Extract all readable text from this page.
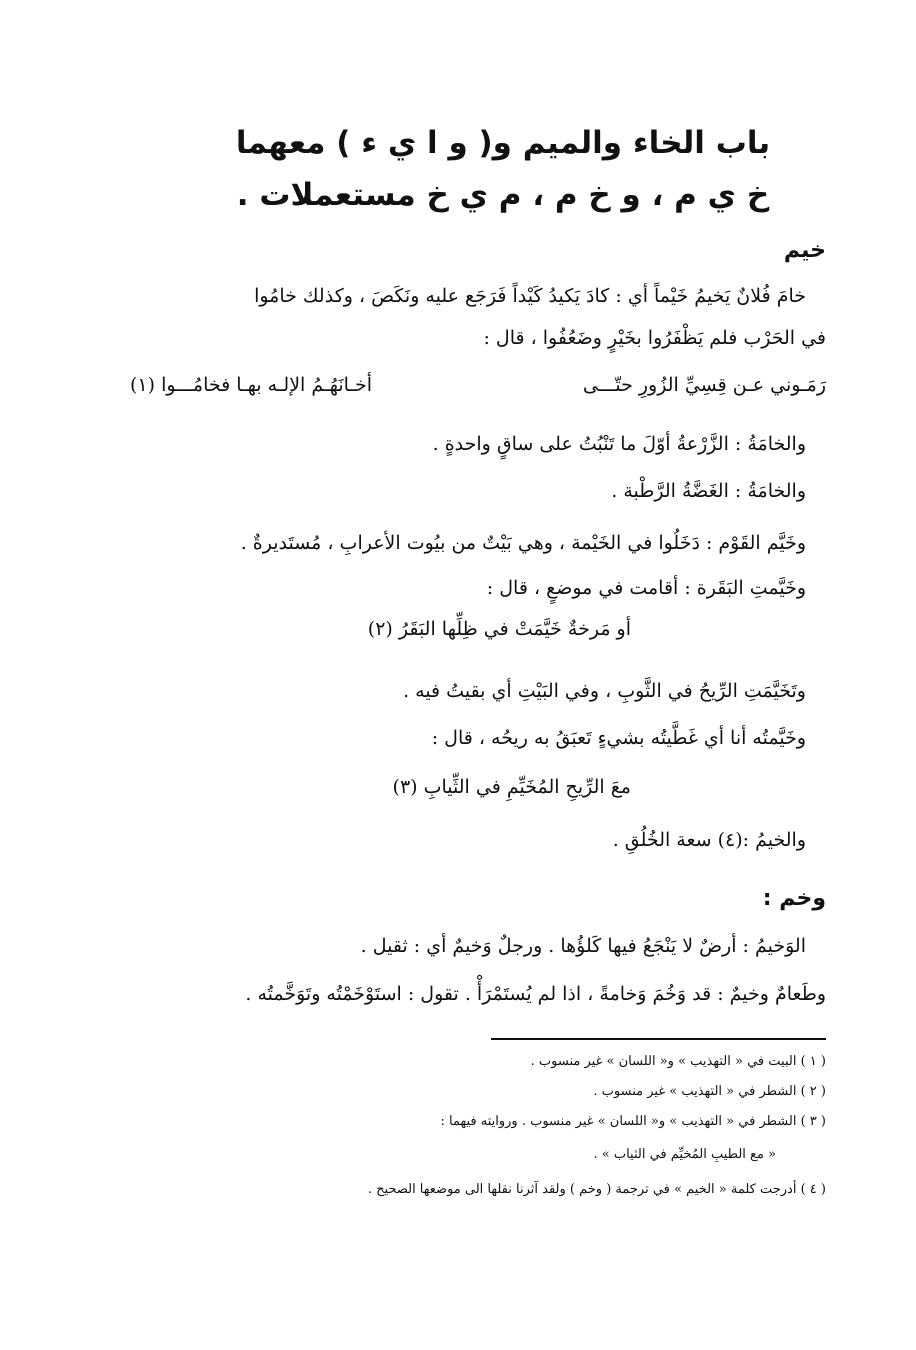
باب الخاء والميم و( و ا ي ء ) معهما
خ ي م ، و خ م ، م ي خ مستعملات .
خيم
خامَ فُلانٌ يَخيمُ خَيْماً أي : كادَ يَكيدُ كَيْداً فَرَجَع عليه ونَكَصَ ، وكذلك خامُوا
في الحَرْب فلم يَظْفَرُوا بخَيْرٍ وضَعُفُوا ، قال :
رَمَـوني عـن قِسِيِّ الزُورِ حتّـــى
أخـانَهُـمُ الإلـه بهـا فخامُـــوا (١)
والخامَةُ : الزَّرْعةُ أوّلَ ما تَنْبُتُ على ساقٍ واحدةٍ .
والخامَةُ : الغَضَّةُ الرَّطْبة .
وخَيَّم القَوْم : دَخَلُوا في الخَيْمة ، وهي بَيْتٌ من بيُوت الأعرابِ ، مُستَديرةٌ .
وخَيَّمتِ البَقَرة : أقامت في موضعٍ ، قال :
أو مَرخةٌ خَيَّمَتْ في ظِلِّها البَقَرُ (٢)
وتَخَيَّمَتِ الرِّيحُ في الثَّوبِ ، وفي البَيْتِ أي بقيتُ فيه .
وخَيَّمتُه أنا أي غَطَّيتُه بشيءٍ تَعبَقُ به ريحُه ، قال :
معَ الرِّيحِ المُخَيِّمِ في الثِّيابِ (٣)
والخيمُ :(٤) سعة الخُلُقِ .
وخم :
الوَخيمُ : أرضٌ لا يَنْجَعُ فيها كَلؤُها . ورجلٌ وَخيمٌ أي : ثقيل .
وطَعامٌ وخيمٌ : قد وَخُمَ وَخامةً ، اذا لم يُستَمْرَأْ . تقول : استَوْخَمْتُه وتَوَخَّمتُه .
( ١ ) البيت في « التهذيب » و« اللسان » غير منسوب .
( ٢ ) الشطر في « التهذيب » غير منسوب .
( ٣ ) الشطر في « التهذيب » و« اللسان » غير منسوب . وروايته فيهما :
« مع الطيبِ المُخيِّم في الثياب » .
( ٤ ) أدرجت كلمة « الخيم » في ترجمة ( وخم ) ولقد آثرنا نقلها الى موضعها الصحيح .
